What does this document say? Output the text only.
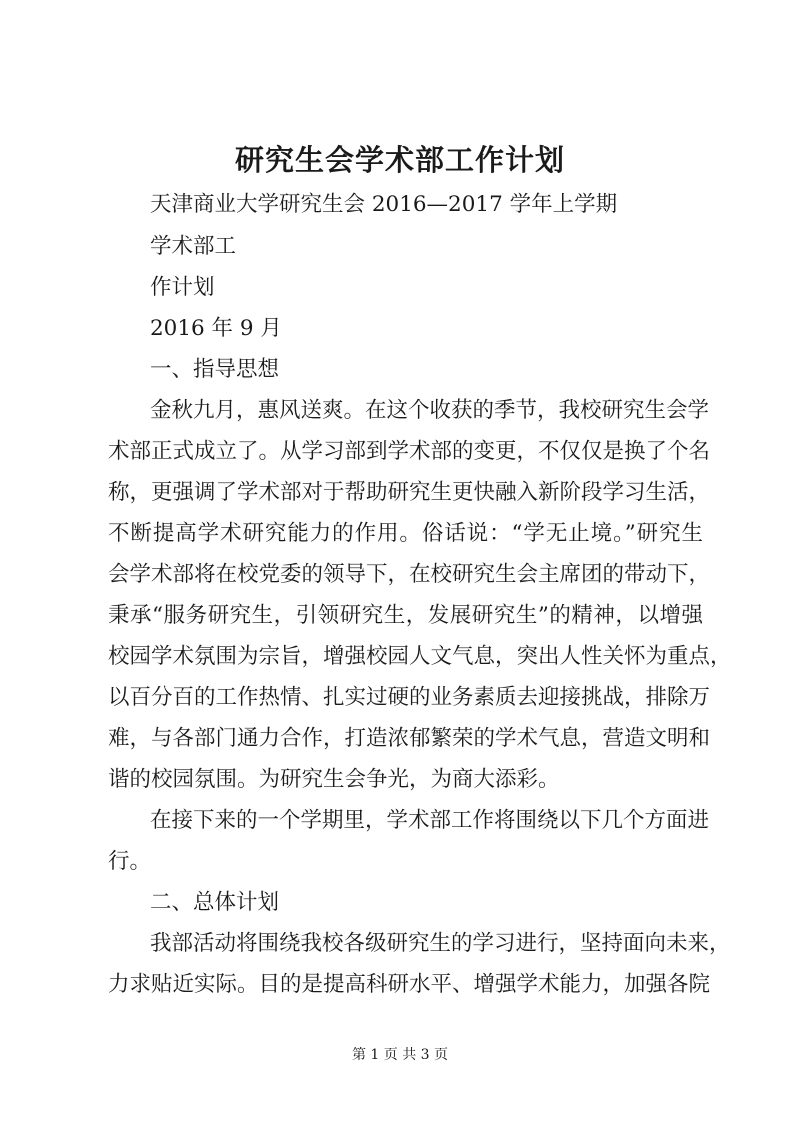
研究生会学术部工作计划
天津商业大学研究生会 2016—2017 学年上学期
学术部工
作计划
2016 年 9 月
一、指导思想
金秋九月，惠风送爽。在这个收获的季节，我校研究生会学
术部正式成立了。从学习部到学术部的变更，不仅仅是换了个名
称，更强调了学术部对于帮助研究生更快融入新阶段学习生活，
不断提高学术研究能力的作用。俗话说：“学无止境。”研究生
会学术部将在校党委的领导下，在校研究生会主席团的带动下，
秉承“服务研究生，引领研究生，发展研究生”的精神，以增强
校园学术氛围为宗旨，增强校园人文气息，突出人性关怀为重点，
以百分百的工作热情、扎实过硬的业务素质去迎接挑战，排除万
难，与各部门通力合作，打造浓郁繁荣的学术气息，营造文明和
谐的校园氛围。为研究生会争光，为商大添彩。
在接下来的一个学期里，学术部工作将围绕以下几个方面进
行。
二、总体计划
我部活动将围绕我校各级研究生的学习进行，坚持面向未来，
力求贴近实际。目的是提高科研水平、增强学术能力，加强各院
第 1 页 共 3 页
